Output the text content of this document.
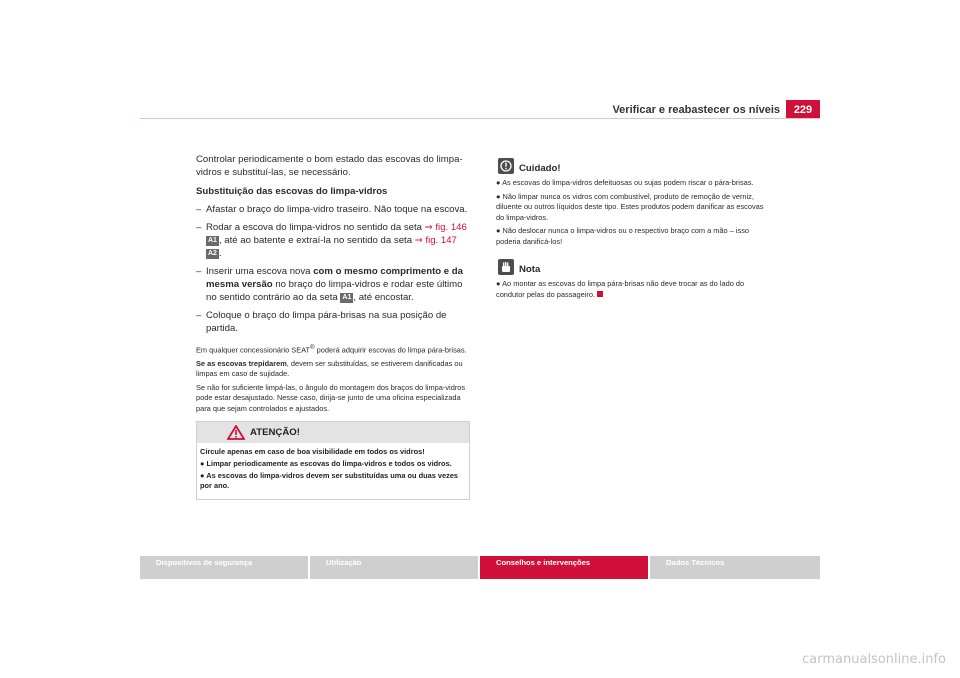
Verificar e reabastecer os níveis	229

Controlar periodicamente o bom estado das escovas do limpa-vidros e substituí-las, se necessário.

Substituição das escovas do limpa-vidros

– Afastar o braço do limpa-vidro traseiro. Não toque na escova.

– Rodar a escova do limpa-vidros no sentido da seta ⇒ fig. 146 A1 , até ao batente e extraí-la no sentido da seta ⇒ fig. 147 A2 .

– Inserir uma escova nova com o mesmo comprimento e da mesma versão no braço do limpa-vidros e rodar este último no sentido contrário ao da seta A1 , até encostar.

– Coloque o braço do limpa pára-brisas na sua posição de partida.

Em qualquer concessionário SEAT® poderá adquirir escovas do limpa pára-brisas.

Se as escovas trepidarem, devem ser substituídas, se estiverem danificadas ou limpas em caso de sujidade.

Se não for suficiente limpá-las, o ângulo do montagem dos braços do limpa-vidros pode estar desajustado. Nesse caso, dirija-se junto de uma oficina especializada para que sejam controlados e ajustados.

ATENÇÃO!

Circule apenas em caso de boa visibilidade em todos os vidros!

● Limpar periodicamente as escovas do limpa-vidros e todos os vidros.

● As escovas do limpa-vidros devem ser substituídas uma ou duas vezes por ano.

Cuidado!

● As escovas do limpa-vidros defeituosas ou sujas podem riscar o pára-brisas.

● Não limpar nunca os vidros com combustível, produto de remoção de verniz, diluente ou outros líquidos deste tipo. Estes produtos podem danificar as escovas do limpa-vidros.

● Não deslocar nunca o limpa-vidros ou o respectivo braço com a mão – isso poderia danificá-los!

Nota

● Ao montar as escovas do limpa pára-brisas não deve trocar as do lado do condutor pelas do passageiro.

Dispositivos de segurança	Utilização	Conselhos e intervenções	Dados Técnicos
carmanualsonline.info
